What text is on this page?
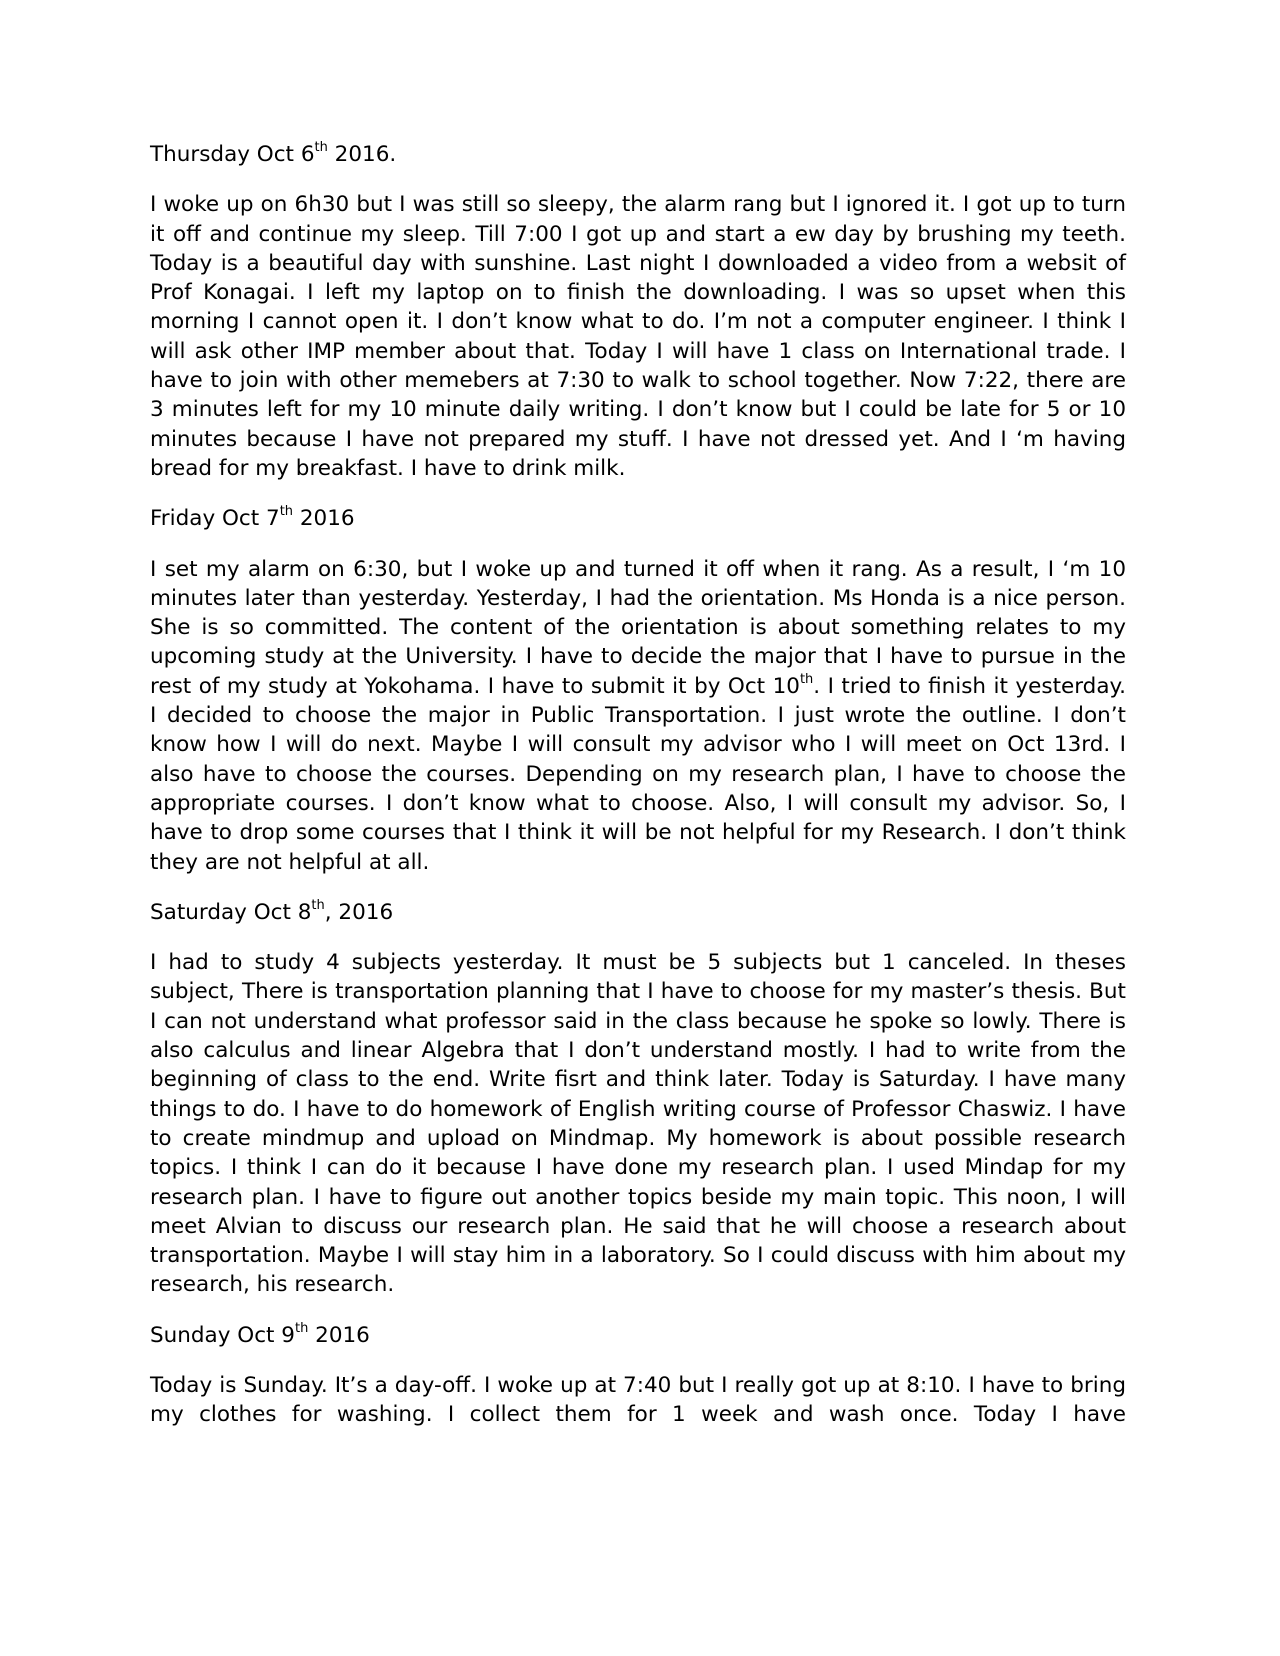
Thursday Oct 6th 2016.

I woke up on 6h30 but I was still so sleepy, the alarm rang but I ignored it. I got up to turn it off and continue my sleep. Till 7:00 I got up and start a ew day by brushing my teeth. Today is a beautiful day with sunshine. Last night I downloaded a video from a websit of Prof Konagai. I left my laptop on to finish the downloading. I was so upset when this morning I cannot open it. I don’t know what to do. I’m not a computer engineer. I think I will ask other IMP member about that. Today I will have 1 class on International trade. I have to join with other memebers at 7:30 to walk to school together. Now 7:22, there are 3 minutes left for my 10 minute daily writing. I don’t know but I could be late for 5 or 10 minutes because I have not prepared my stuff. I have not dressed yet. And I ‘m having bread for my breakfast. I have to drink milk.

Friday Oct 7th 2016

I set my alarm on 6:30, but I woke up and turned it off when it rang. As a result, I ‘m 10 minutes later than yesterday. Yesterday, I had the orientation. Ms Honda is a nice person. She is so committed. The content of the orientation is about something relates to my upcoming study at the University. I have to decide the major that I have to pursue in the rest of my study at Yokohama. I have to submit it by Oct 10th. I tried to finish it yesterday. I decided to choose the major in Public Transportation. I just wrote the outline. I don’t know how I will do next. Maybe I will consult my advisor who I will meet on Oct 13rd. I also have to choose the courses. Depending on my research plan, I have to choose the appropriate courses. I don’t know what to choose. Also, I will consult my advisor. So, I have to drop some courses that I think it will be not helpful for my Research. I don’t think they are not helpful at all.

Saturday Oct 8th, 2016

I had to study 4 subjects yesterday. It must be 5 subjects but 1 canceled. In theses subject, There is transportation planning that I have to choose for my master’s thesis. But I can not understand what professor said in the class because he spoke so lowly. There is also calculus and linear Algebra that I don’t understand mostly. I had to write from the beginning of class to the end. Write fisrt and think later. Today is Saturday. I have many things to do. I have to do homework of English writing course of Professor Chaswiz. I have to create mindmup and upload on Mindmap. My homework is about possible research topics. I think I can do it because I have done my research plan. I used Mindap for my research plan. I have to figure out another topics beside my main topic. This noon, I will meet Alvian to discuss our research plan. He said that he will choose a research about transportation. Maybe I will stay him in a laboratory. So I could discuss with him about my research, his research.

Sunday Oct 9th 2016

Today is Sunday. It’s a day-off. I woke up at 7:40 but I really got up at 8:10. I have to bring my clothes for washing. I collect them for 1 week and wash once. Today I have
